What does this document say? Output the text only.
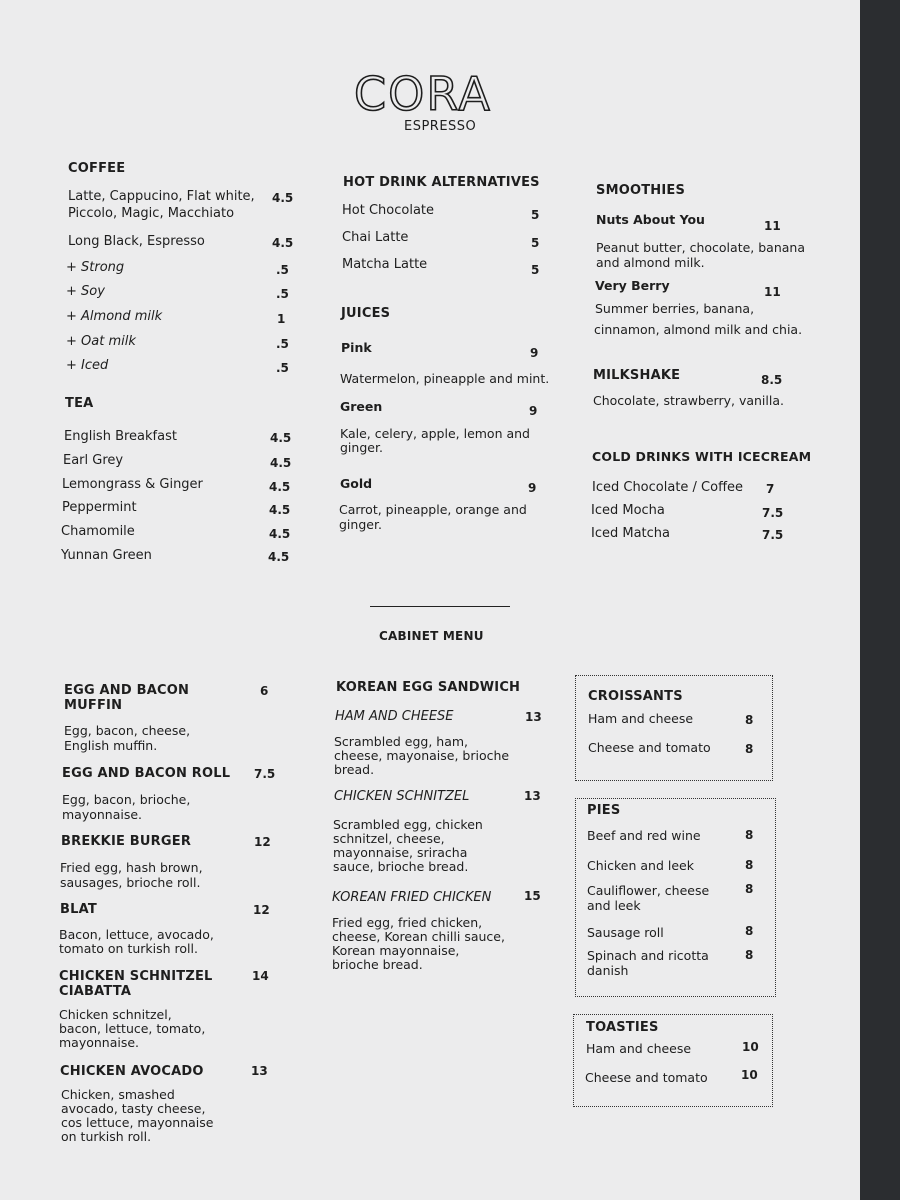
CORA
ESPRESSO
COFFEE
Latte, Cappucino, Flat white,
Piccolo, Magic, Macchiato
4.5
Long Black, Espresso	4.5
+ Strong	.5
+ Soy	.5
+ Almond milk	1
+ Oat milk	.5
+ Iced	.5
TEA
English Breakfast	4.5
Earl Grey	4.5
Lemongrass & Ginger	4.5
Peppermint	4.5
Chamomile	4.5
Yunnan Green	4.5
HOT DRINK ALTERNATIVES
Hot Chocolate	5
Chai Latte	5
Matcha Latte	5
JUICES
Pink	9
Watermelon, pineapple and mint.
Green	9
Kale, celery, apple, lemon and
ginger.
Gold	9
Carrot, pineapple, orange and
ginger.
SMOOTHIES
Nuts About You	11
Peanut butter, chocolate, banana
and almond milk.
Very Berry	11
Summer berries, banana,
cinnamon, almond milk and chia.
MILKSHAKE	8.5
Chocolate, strawberry, vanilla.
COLD DRINKS WITH ICECREAM
Iced Chocolate / Coffee 7
Iced Mocha	7.5
Iced Matcha	7.5
CABINET MENU
EGG AND BACON
MUFFIN
6
Egg, bacon, cheese,
English muffin.
EGG AND BACON ROLL 7.5
Egg, bacon, brioche,
mayonnaise.
BREKKIE BURGER	12
Fried egg, hash brown,
sausages, brioche roll.
BLAT	12
Bacon, lettuce, avocado,
tomato on turkish roll.
CHICKEN SCHNITZEL
CIABATTA
14
Chicken schnitzel,
bacon, lettuce, tomato,
mayonnaise.
CHICKEN AVOCADO	13
Chicken, smashed
avocado, tasty cheese,
cos lettuce, mayonnaise
on turkish roll.
KOREAN EGG SANDWICH
HAM AND CHEESE	13
Scrambled egg, ham,
cheese, mayonaise, brioche
bread.
CHICKEN SCHNITZEL	13
Scrambled egg, chicken
schnitzel, cheese,
mayonnaise, sriracha
sauce, brioche bread.
KOREAN FRIED CHICKEN	15
Fried egg, fried chicken,
cheese, Korean chilli sauce,
Korean mayonnaise,
brioche bread.
CROISSANTS
Ham and cheese	8
Cheese and tomato	8
PIES
Beef and red wine	8
Chicken and leek	8
Cauliflower, cheese
and leek
8
Sausage roll	8
Spinach and ricotta
danish
8
TOASTIES
Ham and cheese	10
Cheese and tomato	10
